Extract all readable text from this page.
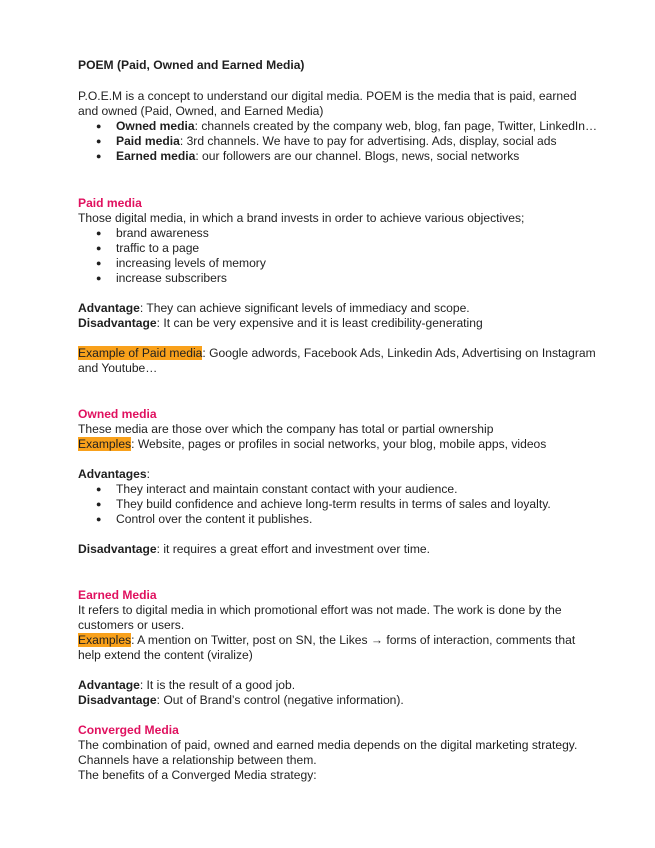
POEM (Paid, Owned and Earned Media)

P.O.E.M is a concept to understand our digital media. POEM is the media that is paid, earned and owned (Paid, Owned, and Earned Media)

● Owned media: channels created by the company web, blog, fan page, Twitter, LinkedIn…
● Paid media: 3rd channels. We have to pay for advertising. Ads, display, social ads
● Earned media: our followers are our channel. Blogs, news, social networks

Paid media

Those digital media, in which a brand invests in order to achieve various objectives;

● brand awareness
● traffic to a page
● increasing levels of memory
● increase subscribers

Advantage: They can achieve significant levels of immediacy and scope.

Disadvantage: It can be very expensive and it is least credibility-generating

Example of Paid media: Google adwords, Facebook Ads, Linkedin Ads, Advertising on Instagram and Youtube…

Owned media

These media are those over which the company has total or partial ownership

Examples: Website, pages or profiles in social networks, your blog, mobile apps, videos

Advantages:

● They interact and maintain constant contact with your audience.
● They build confidence and achieve long-term results in terms of sales and loyalty.
● Control over the content it publishes.

Disadvantage: it requires a great effort and investment over time.

Earned Media

It refers to digital media in which promotional effort was not made. The work is done by the customers or users.

Examples: A mention on Twitter, post on SN, the Likes → forms of interaction, comments that help extend the content (viralize)

Advantage: It is the result of a good job.

Disadvantage: Out of Brand’s control (negative information).

Converged Media

The combination of paid, owned and earned media depends on the digital marketing strategy. Channels have a relationship between them.

The benefits of a Converged Media strategy:
